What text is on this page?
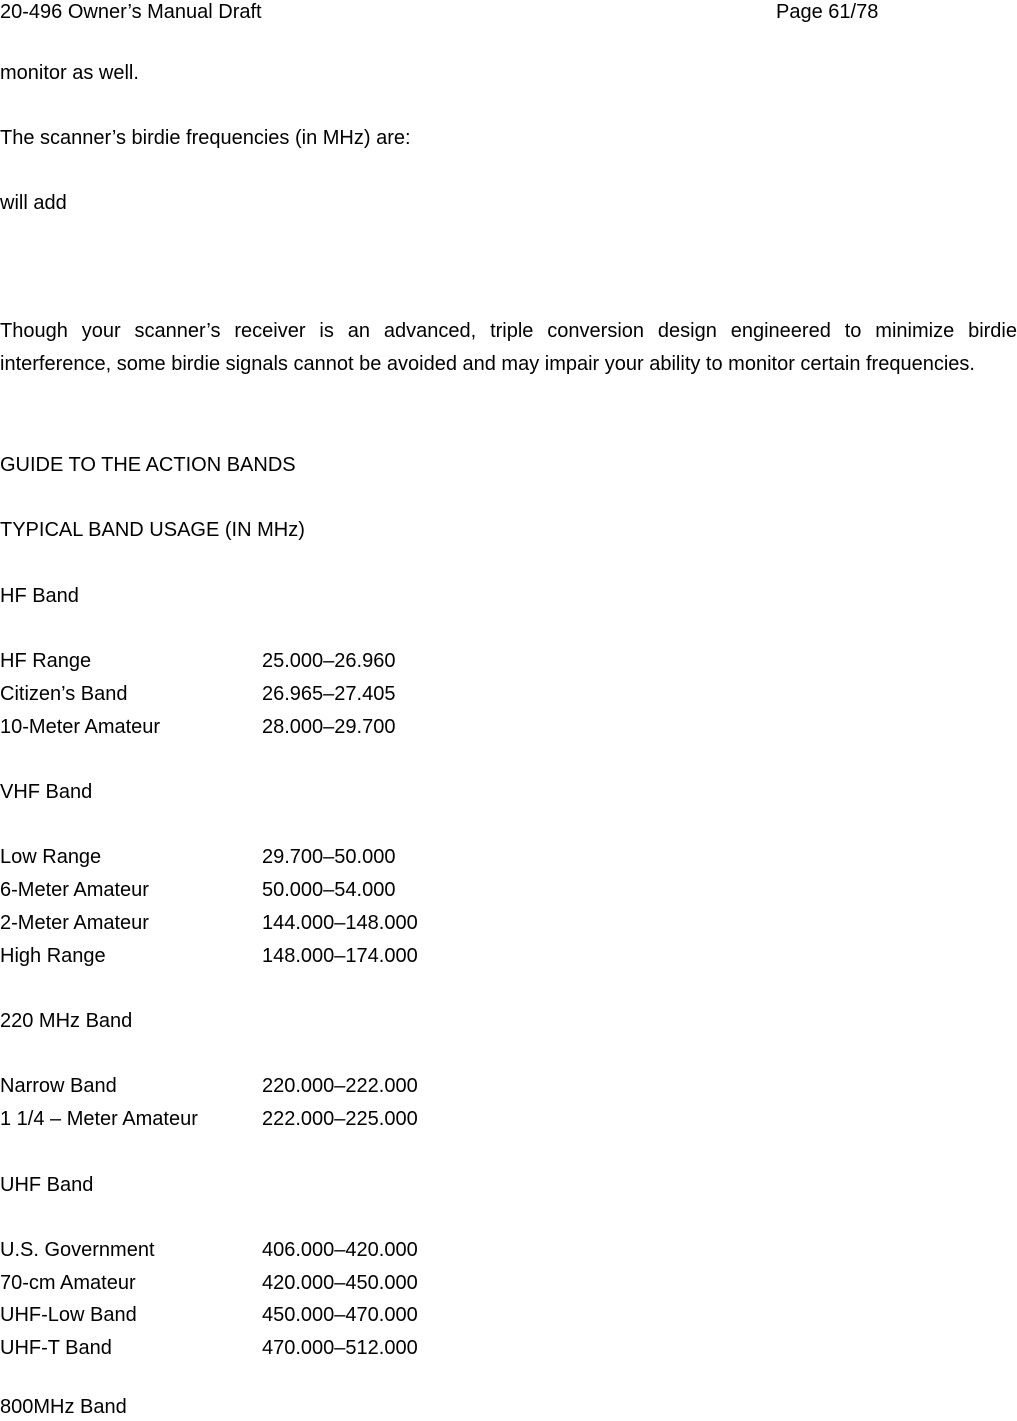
20-496 Owner’s Manual Draft	Page 61/78
monitor as well.
The scanner’s birdie frequencies (in MHz) are:
will add
Though your scanner’s receiver is an advanced, triple conversion design engineered to minimize birdie interference, some birdie signals cannot be avoided and may impair your ability to monitor certain frequencies.
GUIDE TO THE ACTION BANDS
TYPICAL BAND USAGE (IN MHz)
HF Band
HF Range	25.000–26.960
Citizen’s Band	26.965–27.405
10-Meter Amateur	28.000–29.700
VHF Band
Low Range	29.700–50.000
6-Meter Amateur	50.000–54.000
2-Meter Amateur	144.000–148.000
High Range	148.000–174.000
220 MHz Band
Narrow Band	220.000–222.000
1 1/4 – Meter Amateur	222.000–225.000
UHF Band
U.S. Government	406.000–420.000
70-cm Amateur	420.000–450.000
UHF-Low Band	450.000–470.000
UHF-T Band	470.000–512.000
800MHz Band
